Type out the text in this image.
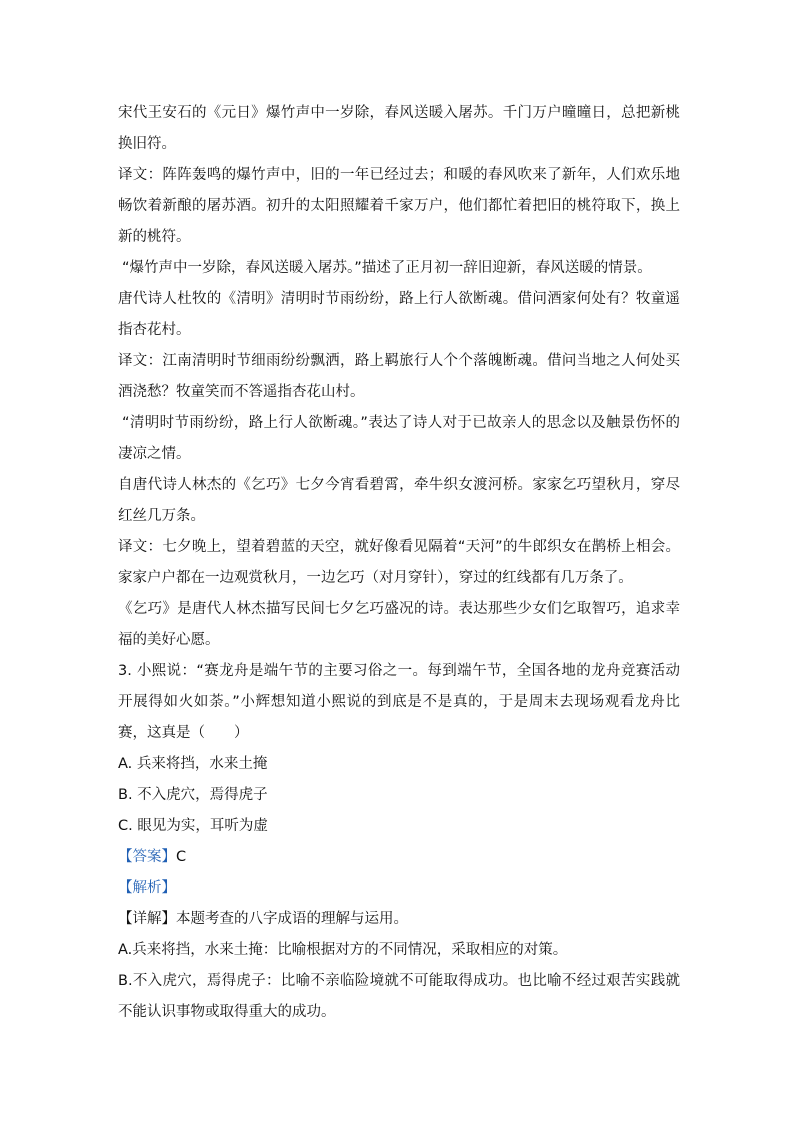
宋代王安石的《元日》爆竹声中一岁除，春风送暖入屠苏。千门万户曈曈日，总把新桃换旧符。

译文：阵阵轰鸣的爆竹声中，旧的一年已经过去；和暖的春风吹来了新年，人们欢乐地畅饮着新酿的屠苏酒。初升的太阳照耀着千家万户，他们都忙着把旧的桃符取下，换上新的桃符。

“爆竹声中一岁除，春风送暖入屠苏。”描述了正月初一辞旧迎新，春风送暖的情景。

唐代诗人杜牧的《清明》清明时节雨纷纷，路上行人欲断魂。借问酒家何处有？牧童遥指杏花村。

译文：江南清明时节细雨纷纷飘洒，路上羁旅行人个个落魄断魂。借问当地之人何处买酒浇愁？牧童笑而不答遥指杏花山村。

“清明时节雨纷纷，路上行人欲断魂。”表达了诗人对于已故亲人的思念以及触景伤怀的凄凉之情。

自唐代诗人林杰的《乞巧》七夕今宵看碧霄，牵牛织女渡河桥。家家乞巧望秋月，穿尽红丝几万条。

译文：七夕晚上，望着碧蓝的天空，就好像看见隔着“天河”的牛郎织女在鹊桥上相会。家家户户都在一边观赏秋月，一边乞巧（对月穿针），穿过的红线都有几万条了。

《乞巧》是唐代人林杰描写民间七夕乞巧盛况的诗。表达那些少女们乞取智巧，追求幸福的美好心愿。

3. 小熙说：“赛龙舟是端午节的主要习俗之一。每到端午节，全国各地的龙舟竞赛活动开展得如火如荼。”小辉想知道小熙说的到底是不是真的，于是周末去现场观看龙舟比赛，这真是（　　）

A. 兵来将挡，水来土掩

B. 不入虎穴，焉得虎子

C. 眼见为实，耳听为虚

【答案】C

【解析】

【详解】本题考查的八字成语的理解与运用。

A.兵来将挡，水来土掩：比喻根据对方的不同情况，采取相应的对策。

B.不入虎穴，焉得虎子：比喻不亲临险境就不可能取得成功。也比喻不经过艰苦实践就不能认识事物或取得重大的成功。
